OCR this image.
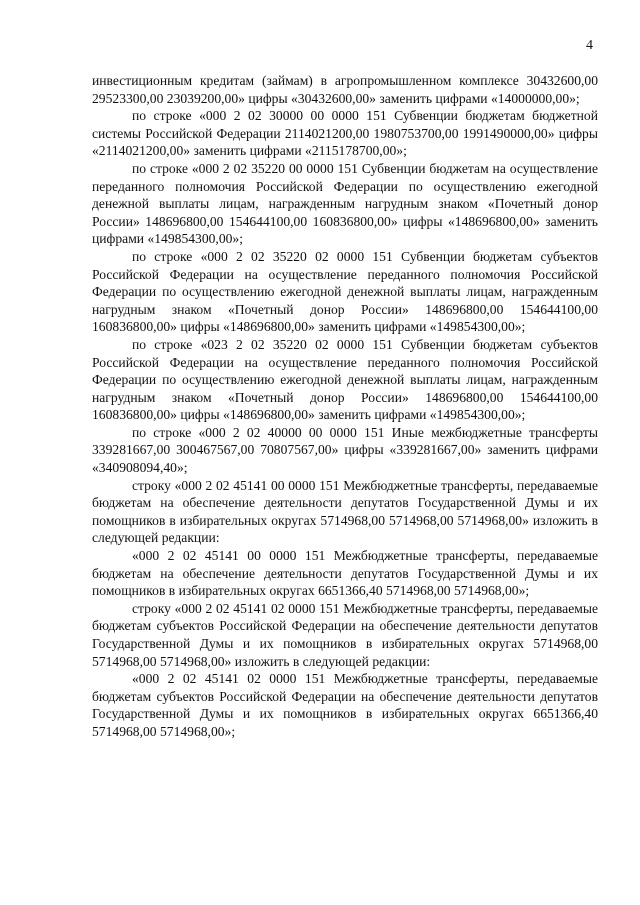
4

инвестиционным кредитам (займам) в агропромышленном комплексе 30432600,00 29523300,00 23039200,00» цифры «30432600,00» заменить цифрами «14000000,00»;

по строке «000 2 02 30000 00 0000 151 Субвенции бюджетам бюджетной системы Российской Федерации 2114021200,00 1980753700,00 1991490000,00» цифры «2114021200,00» заменить цифрами «2115178700,00»;

по строке «000 2 02 35220 00 0000 151 Субвенции бюджетам на осуществление переданного полномочия Российской Федерации по осуществлению ежегодной денежной выплаты лицам, награжденным нагрудным знаком «Почетный донор России» 148696800,00 154644100,00 160836800,00» цифры «148696800,00» заменить цифрами «149854300,00»;

по строке «000 2 02 35220 02 0000 151 Субвенции бюджетам субъектов Российской Федерации на осуществление переданного полномочия Российской Федерации по осуществлению ежегодной денежной выплаты лицам, награжденным нагрудным знаком «Почетный донор России» 148696800,00 154644100,00 160836800,00» цифры «148696800,00» заменить цифрами «149854300,00»;

по строке «023 2 02 35220 02 0000 151 Субвенции бюджетам субъектов Российской Федерации на осуществление переданного полномочия Российской Федерации по осуществлению ежегодной денежной выплаты лицам, награжденным нагрудным знаком «Почетный донор России» 148696800,00 154644100,00 160836800,00» цифры «148696800,00» заменить цифрами «149854300,00»;

по строке «000 2 02 40000 00 0000 151 Иные межбюджетные трансферты 339281667,00 300467567,00 70807567,00» цифры «339281667,00» заменить цифрами «340908094,40»;

строку «000 2 02 45141 00 0000 151 Межбюджетные трансферты, передаваемые бюджетам на обеспечение деятельности депутатов Государственной Думы и их помощников в избирательных округах 5714968,00 5714968,00 5714968,00» изложить в следующей редакции:

«000 2 02 45141 00 0000 151 Межбюджетные трансферты, передаваемые бюджетам на обеспечение деятельности депутатов Государственной Думы и их помощников в избирательных округах 6651366,40 5714968,00 5714968,00»;

строку «000 2 02 45141 02 0000 151 Межбюджетные трансферты, передаваемые бюджетам субъектов Российской Федерации на обеспечение деятельности депутатов Государственной Думы и их помощников в избирательных округах 5714968,00 5714968,00 5714968,00» изложить в следующей редакции:

«000 2 02 45141 02 0000 151 Межбюджетные трансферты, передаваемые бюджетам субъектов Российской Федерации на обеспечение деятельности депутатов Государственной Думы и их помощников в избирательных округах 6651366,40 5714968,00 5714968,00»;
